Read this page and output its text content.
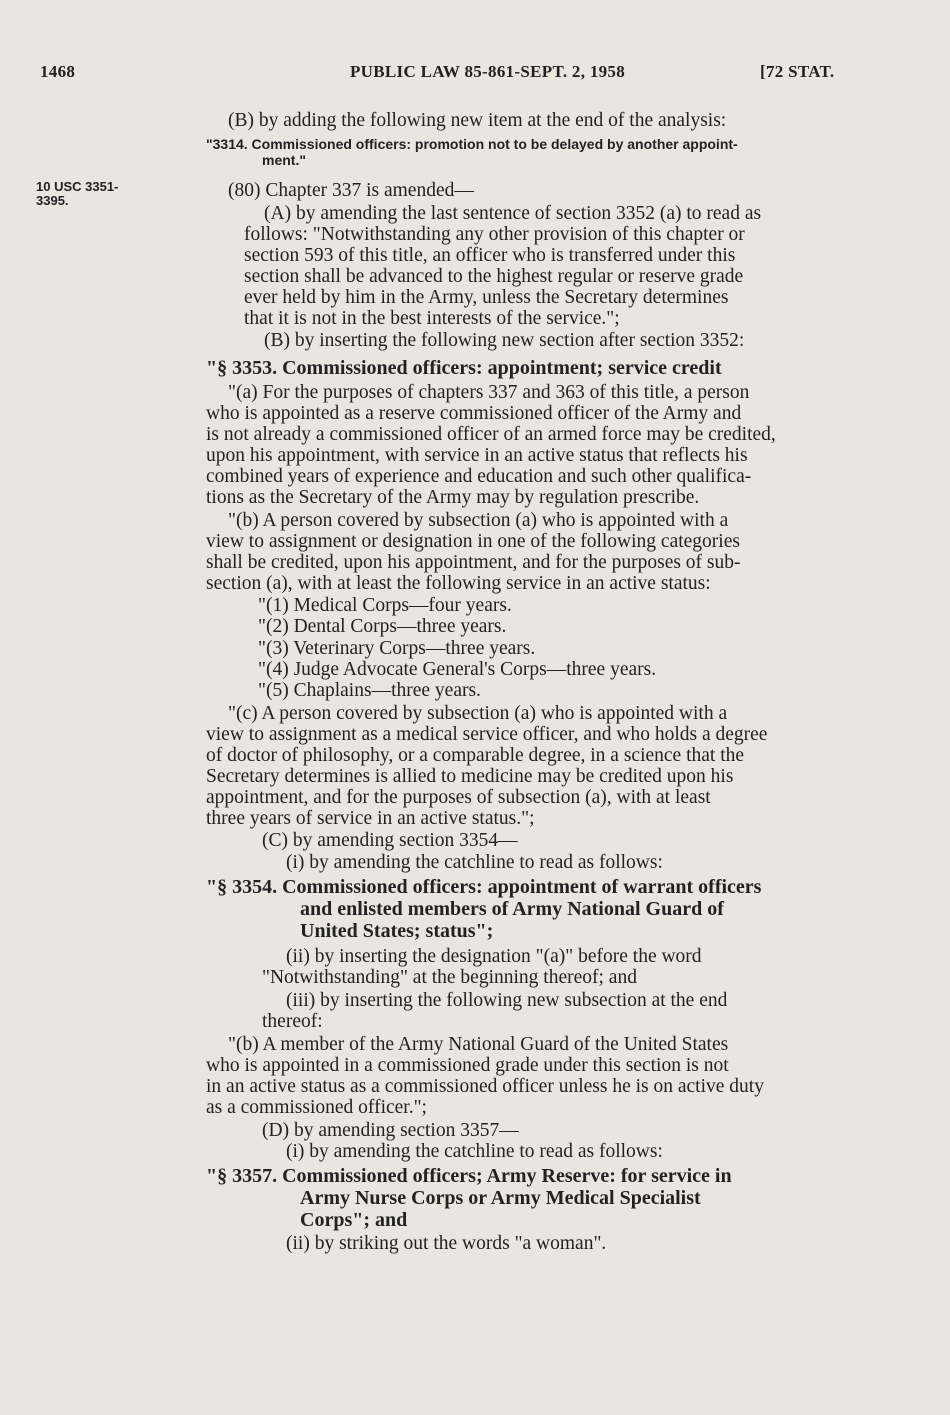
1468	PUBLIC LAW 85-861-SEPT. 2, 1958	[72 STAT.
10 USC 3351-
3395.
(B) by adding the following new item at the end of the analysis:
"3314. Commissioned officers: promotion not to be delayed by another appoint-
ment."
(80) Chapter 337 is amended—
(A) by amending the last sentence of section 3352 (a) to read as
follows: "Notwithstanding any other provision of this chapter or
section 593 of this title, an officer who is transferred under this
section shall be advanced to the highest regular or reserve grade
ever held by him in the Army, unless the Secretary determines
that it is not in the best interests of the service.";
(B) by inserting the following new section after section 3352:
"§ 3353. Commissioned officers: appointment; service credit
"(a) For the purposes of chapters 337 and 363 of this title, a person
who is appointed as a reserve commissioned officer of the Army and
is not already a commissioned officer of an armed force may be credited,
upon his appointment, with service in an active status that reflects his
combined years of experience and education and such other qualifica-
tions as the Secretary of the Army may by regulation prescribe.
"(b) A person covered by subsection (a) who is appointed with a
view to assignment or designation in one of the following categories
shall be credited, upon his appointment, and for the purposes of sub-
section (a), with at least the following service in an active status:
"(1) Medical Corps—four years.
"(2) Dental Corps—three years.
"(3) Veterinary Corps—three years.
"(4) Judge Advocate General's Corps—three years.
"(5) Chaplains—three years.
"(c) A person covered by subsection (a) who is appointed with a
view to assignment as a medical service officer, and who holds a degree
of doctor of philosophy, or a comparable degree, in a science that the
Secretary determines is allied to medicine may be credited upon his
appointment, and for the purposes of subsection (a), with at least
three years of service in an active status.";
(C) by amending section 3354—
(i) by amending the catchline to read as follows:
"§ 3354. Commissioned officers: appointment of warrant officers
and enlisted members of Army National Guard of
United States; status";
(ii) by inserting the designation "(a)" before the word
"Notwithstanding" at the beginning thereof; and
(iii) by inserting the following new subsection at the end
thereof:
"(b) A member of the Army National Guard of the United States
who is appointed in a commissioned grade under this section is not
in an active status as a commissioned officer unless he is on active duty
as a commissioned officer.";
(D) by amending section 3357—
(i) by amending the catchline to read as follows:
"§ 3357. Commissioned officers; Army Reserve: for service in
Army Nurse Corps or Army Medical Specialist
Corps"; and
(ii) by striking out the words "a woman".
